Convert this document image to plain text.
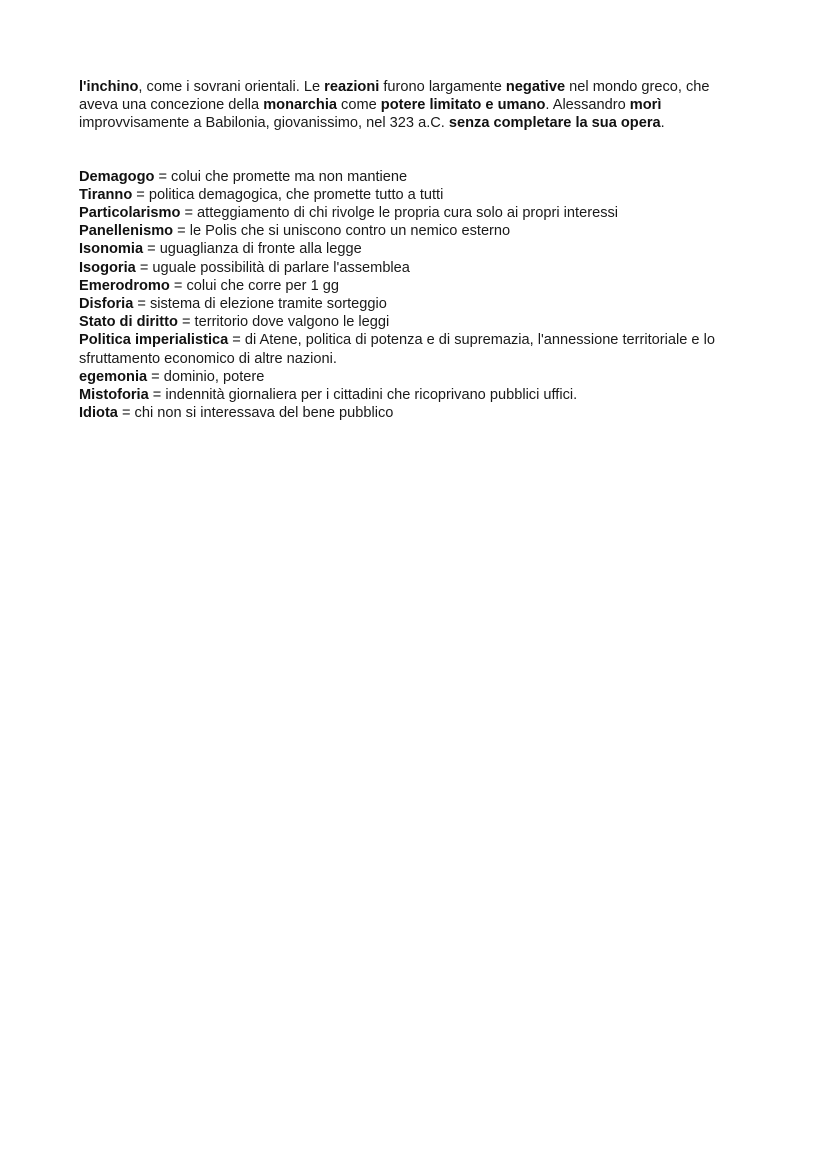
l'inchino, come i sovrani orientali. Le reazioni furono largamente negative nel mondo greco, che
aveva una concezione della monarchia come potere limitato e umano. Alessandro morì
improvvisamente a Babilonia, giovanissimo, nel 323 a.C. senza completare la sua opera.

Demagogo = colui che promette ma non mantiene

Tiranno = politica demagogica, che promette tutto a tutti

Particolarismo = atteggiamento di chi rivolge le propria cura solo ai propri interessi

Panellenismo = le Polis che si uniscono contro un nemico esterno

Isonomia = uguaglianza di fronte alla legge

Isogoria = uguale possibilità di parlare l'assemblea

Emerodromo = colui che corre per 1 gg

Disforia = sistema di elezione tramite sorteggio

Stato di diritto = territorio dove valgono le leggi

Politica imperialistica = di Atene, politica di potenza e di supremazia, l'annessione territoriale e lo sfruttamento economico di altre nazioni.

egemonia = dominio, potere

Mistoforia = indennità giornaliera per i cittadini che ricoprivano pubblici uffici.

Idiota = chi non si interessava del bene pubblico
